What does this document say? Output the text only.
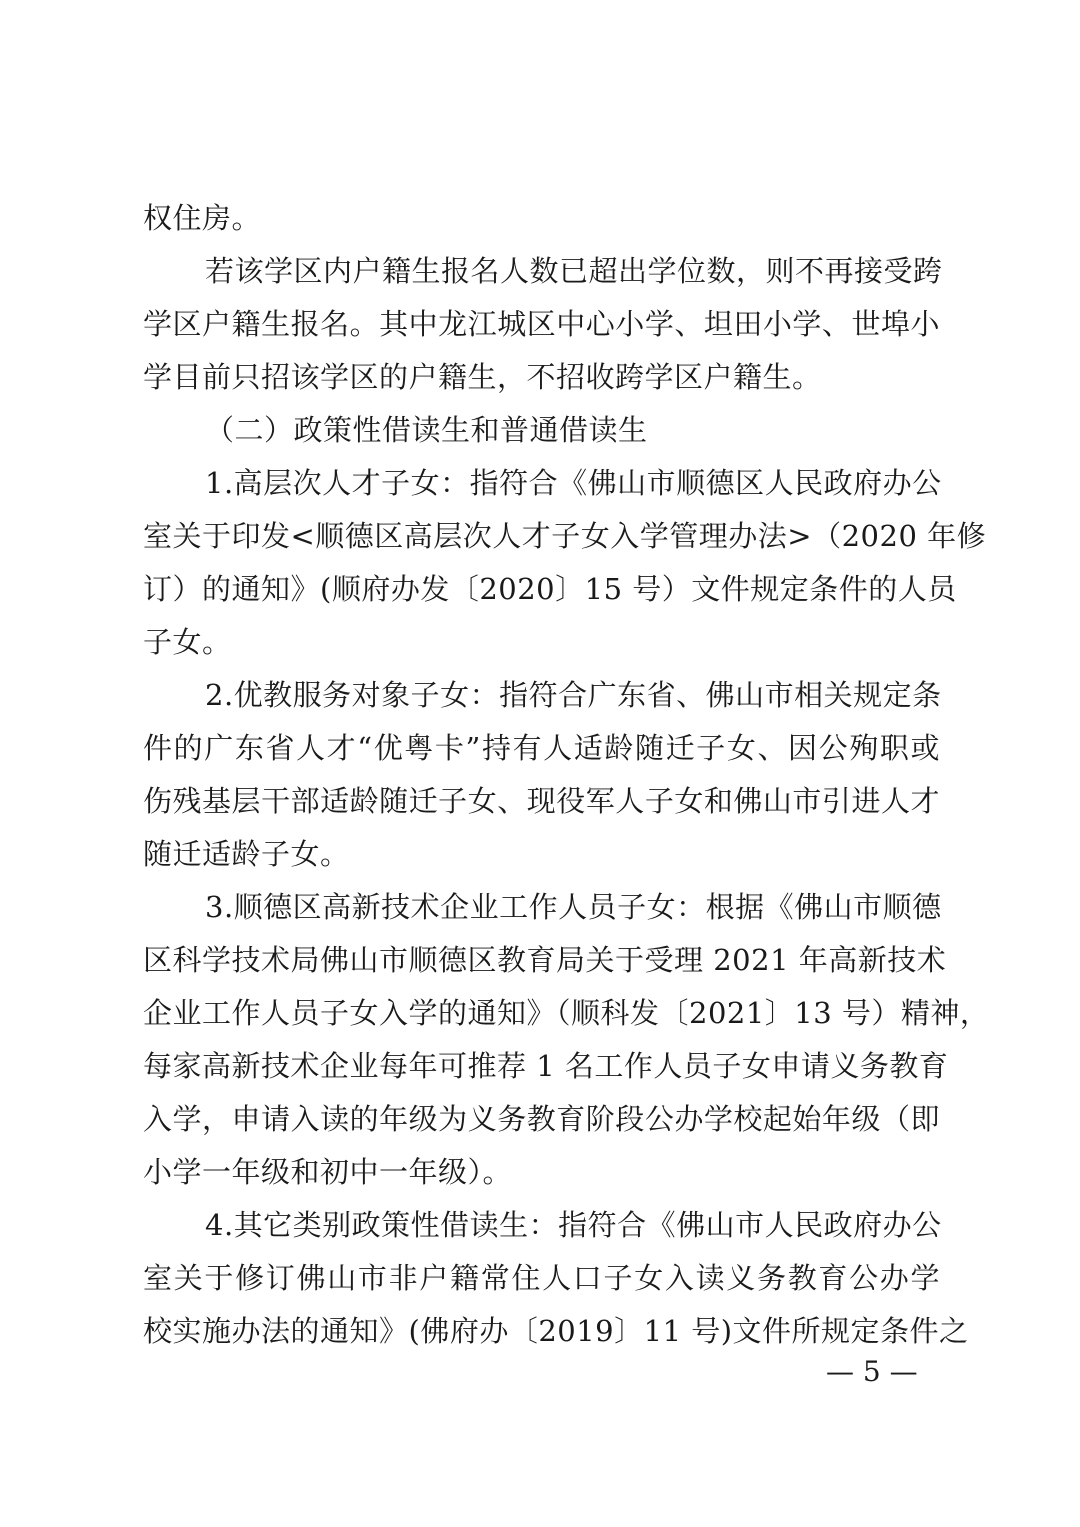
权住房。
若该学区内户籍生报名人数已超出学位数，则不再接受跨
学区户籍生报名。其中龙江城区中心小学、坦田小学、世埠小
学目前只招该学区的户籍生，不招收跨学区户籍生。
（二）政策性借读生和普通借读生
1.高层次人才子女：指符合《佛山市顺德区人民政府办公
室关于印发<顺德区高层次人才子女入学管理办法>（2020 年修
订）的通知》(顺府办发〔2020〕15 号）文件规定条件的人员
子女。
2.优教服务对象子女：指符合广东省、佛山市相关规定条
件的广东省人才“优粤卡”持有人适龄随迁子女、因公殉职或
伤残基层干部适龄随迁子女、现役军人子女和佛山市引进人才
随迁适龄子女。
3.顺德区高新技术企业工作人员子女：根据《佛山市顺德
区科学技术局佛山市顺德区教育局关于受理 2021 年高新技术
企业工作人员子女入学的通知》（顺科发〔2021〕13 号）精神，
每家高新技术企业每年可推荐 1 名工作人员子女申请义务教育
入学，申请入读的年级为义务教育阶段公办学校起始年级（即
小学一年级和初中一年级）。
4.其它类别政策性借读生：指符合《佛山市人民政府办公
室关于修订佛山市非户籍常住人口子女入读义务教育公办学
校实施办法的通知》(佛府办〔2019〕11 号)文件所规定条件之
— 5 —
